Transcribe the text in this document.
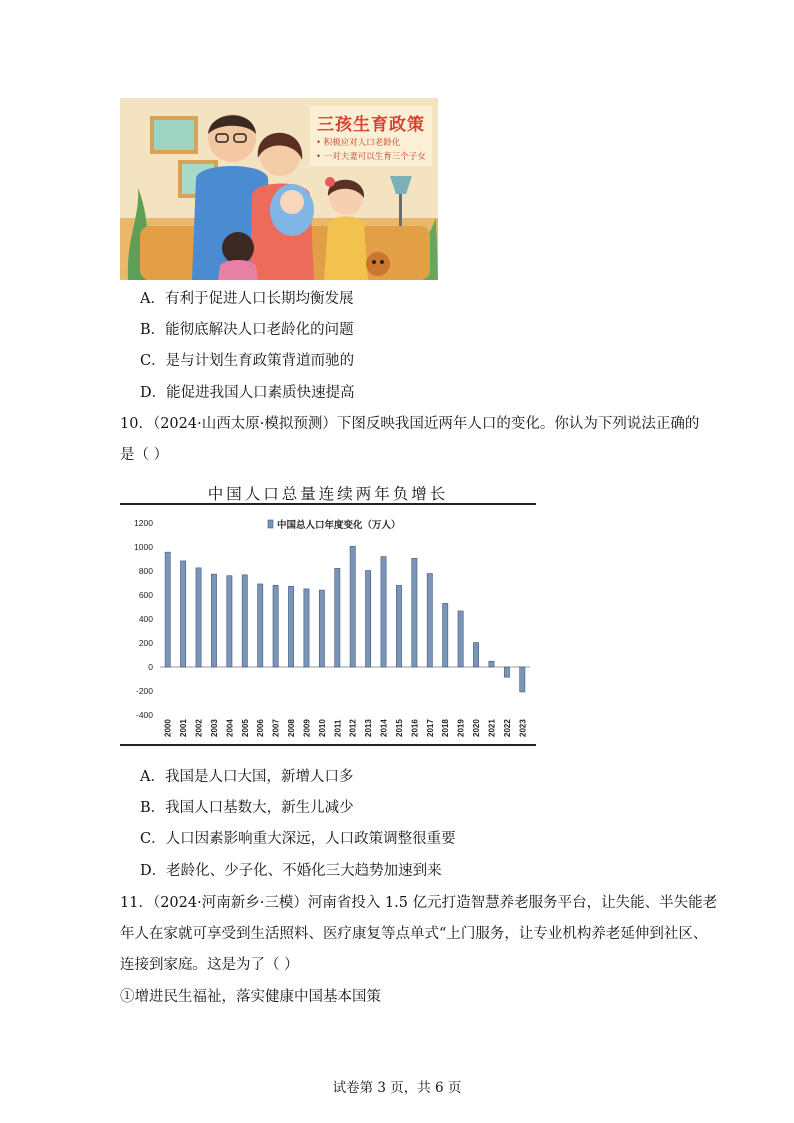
三孩生育政策
• 积极应对人口老龄化
• 一对夫妻可以生育三个子女
A．有利于促进人口长期均衡发展
B．能彻底解决人口老龄化的问题
C．是与计划生育政策背道而驰的
D．能促进我国人口素质快速提高
10．（2024·山西太原·模拟预测）下图反映我国近两年人口的变化。你认为下列说法正确的
是（ ）
中国人口总量连续两年负增长
-400
-200
0
200
400
600
800
1000
1200
2000 2001 2002 2003 2004 2005 2006 2007 2008 2009 2010 2011 2012 2013 2014 2015 2016 2017 2018 2019 2020 2021 2022 2023
中国总人口年度变化（万人）
A．我国是人口大国，新增人口多
B．我国人口基数大，新生儿减少
C．人口因素影响重大深远，人口政策调整很重要
D．老龄化、少子化、不婚化三大趋势加速到来
11．（2024·河南新乡·三模）河南省投入 1.5 亿元打造智慧养老服务平台，让失能、半失能老
年人在家就可享受到生活照料、医疗康复等点单式“上门服务，让专业机构养老延伸到社区、
连接到家庭。这是为了（ ）
①增进民生福祉，落实健康中国基本国策
试卷第 3 页，共 6 页
